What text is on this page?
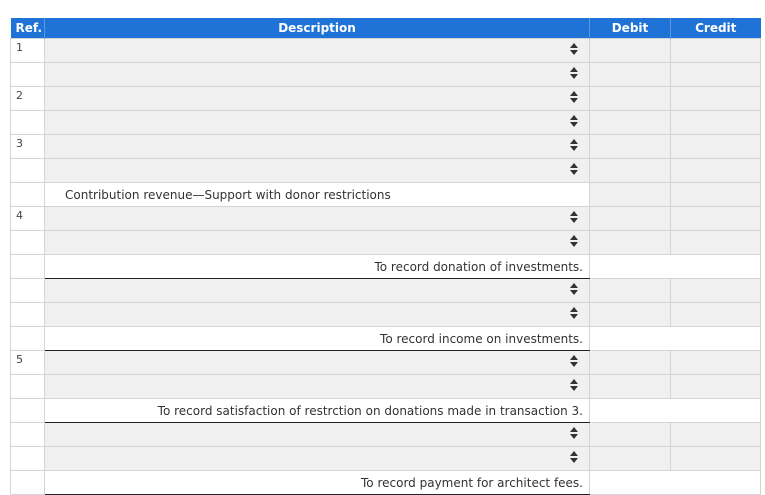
Ref.	Description	Debit	Credit
1	

2	

3	

	Contribution revenue—Support with donor restrictions		
4	

	To record donation of investments.		

	To record income on investments.		
5	

	To record satisfaction of restrction on donations made in transaction 3.		

	To record payment for architect fees.		
